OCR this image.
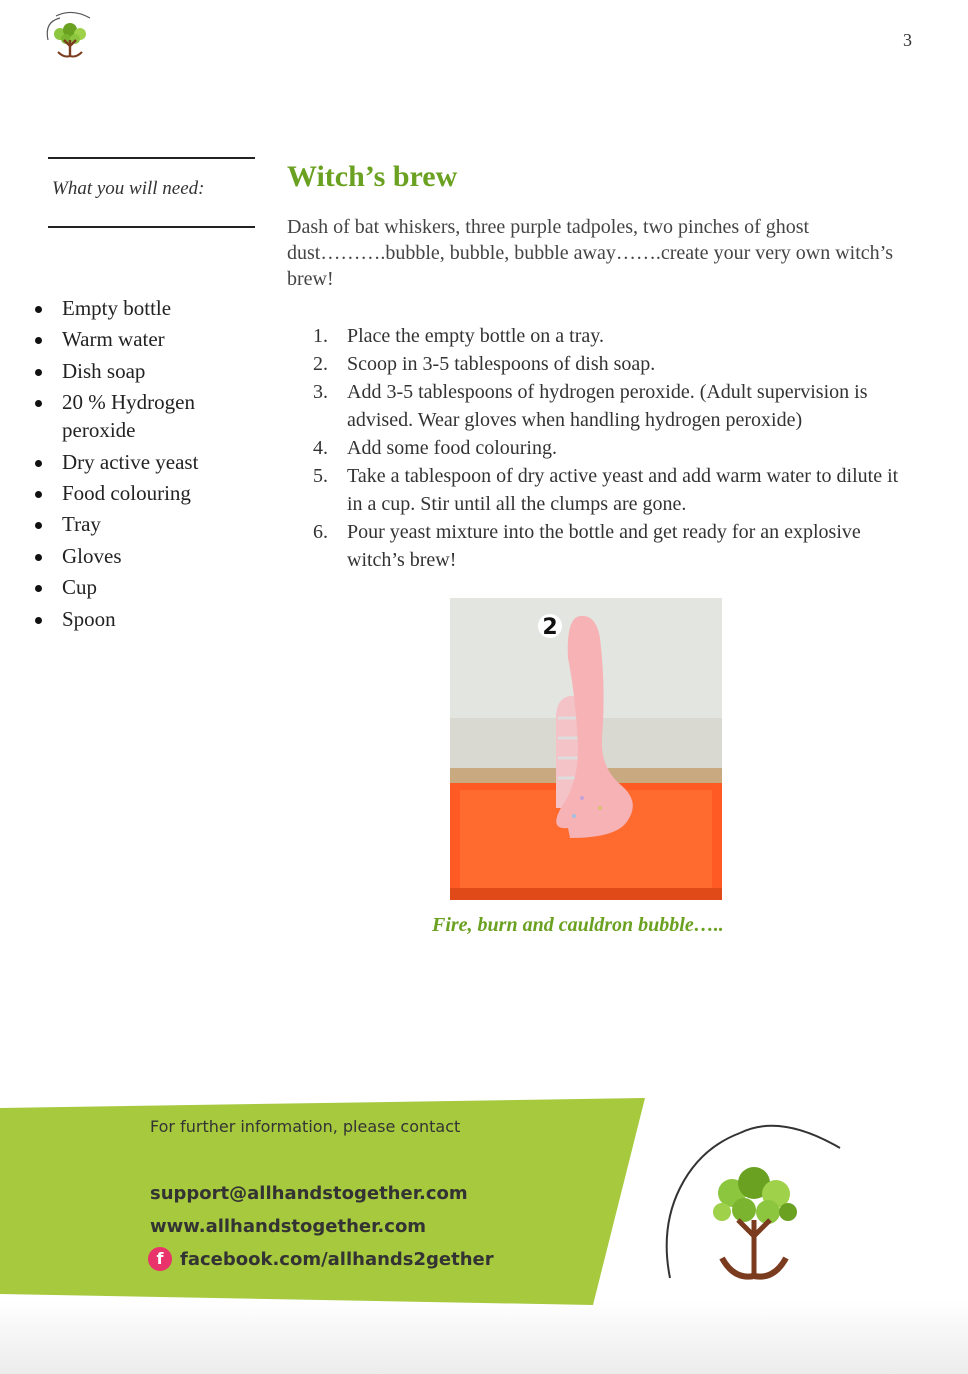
3
What you will need:
Empty bottle
Warm water
Dish soap
20 % Hydrogen peroxide
Dry active yeast
Food colouring
Tray
Gloves
Cup
Spoon
Witch’s brew

Dash of bat whiskers, three purple tadpoles, two pinches of ghost dust……….bubble, bubble, bubble away…….create your very own witch’s brew!

1. Place the empty bottle on a tray.
2. Scoop in 3-5 tablespoons of dish soap.
3. Add 3-5 tablespoons of hydrogen peroxide. (Adult supervision is advised. Wear gloves when handling hydrogen peroxide)
4. Add some food colouring.
5. Take a tablespoon of dry active yeast and add warm water to dilute it in a cup. Stir until all the clumps are gone.
6. Pour yeast mixture into the bottle and get ready for an explosive witch’s brew!
2

Fire, burn and cauldron bubble…..

For further information, please contact
support@allhandstogether.com
www.allhandstogether.com
f facebook.com/allhands2gether
